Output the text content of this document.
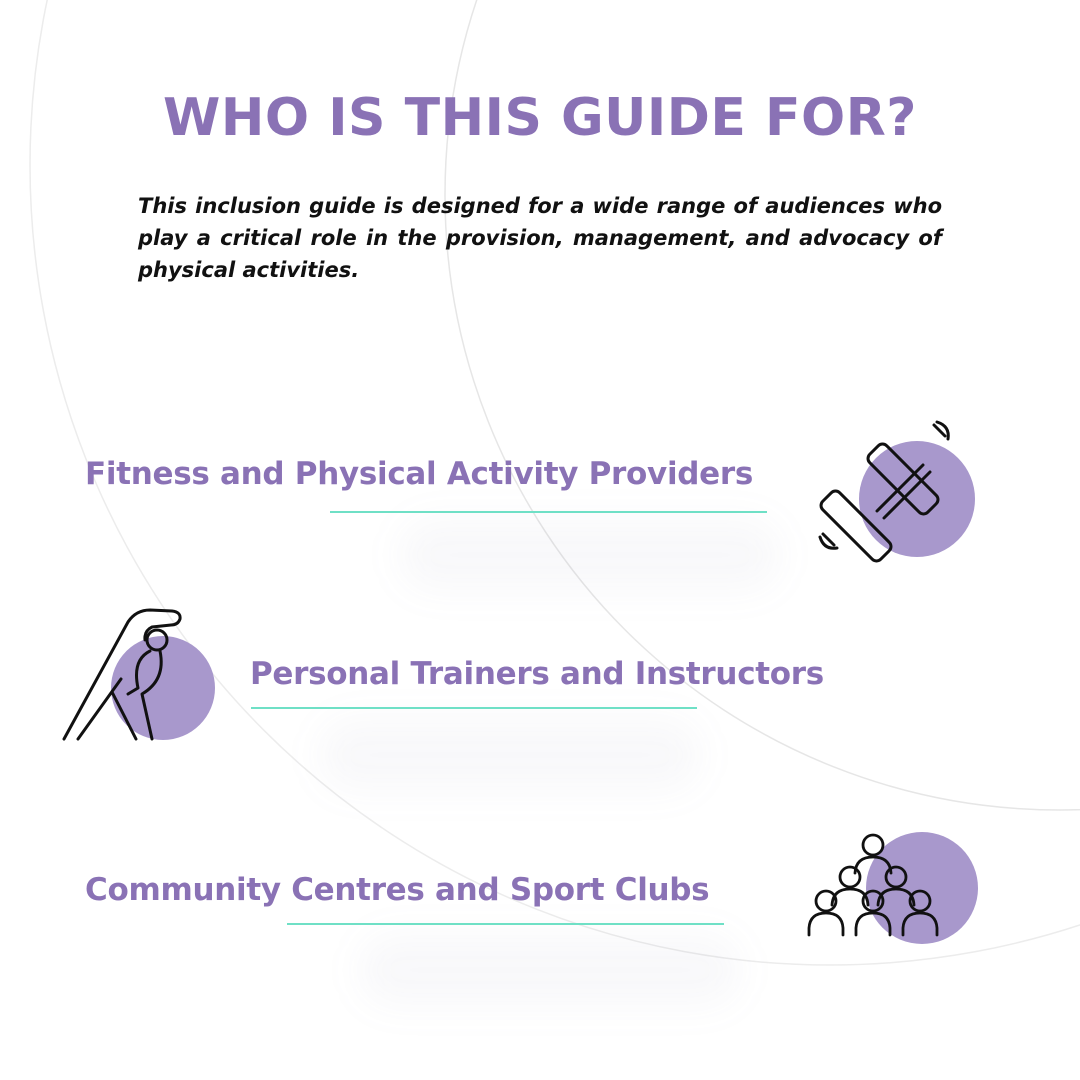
WHO IS THIS GUIDE FOR?

This inclusion guide is designed for a wide range of audiences who play a critical role in the provision, management, and advocacy of physical activities.

Fitness and Physical Activity Providers
Personal Trainers and Instructors
Community Centres and Sport Clubs
